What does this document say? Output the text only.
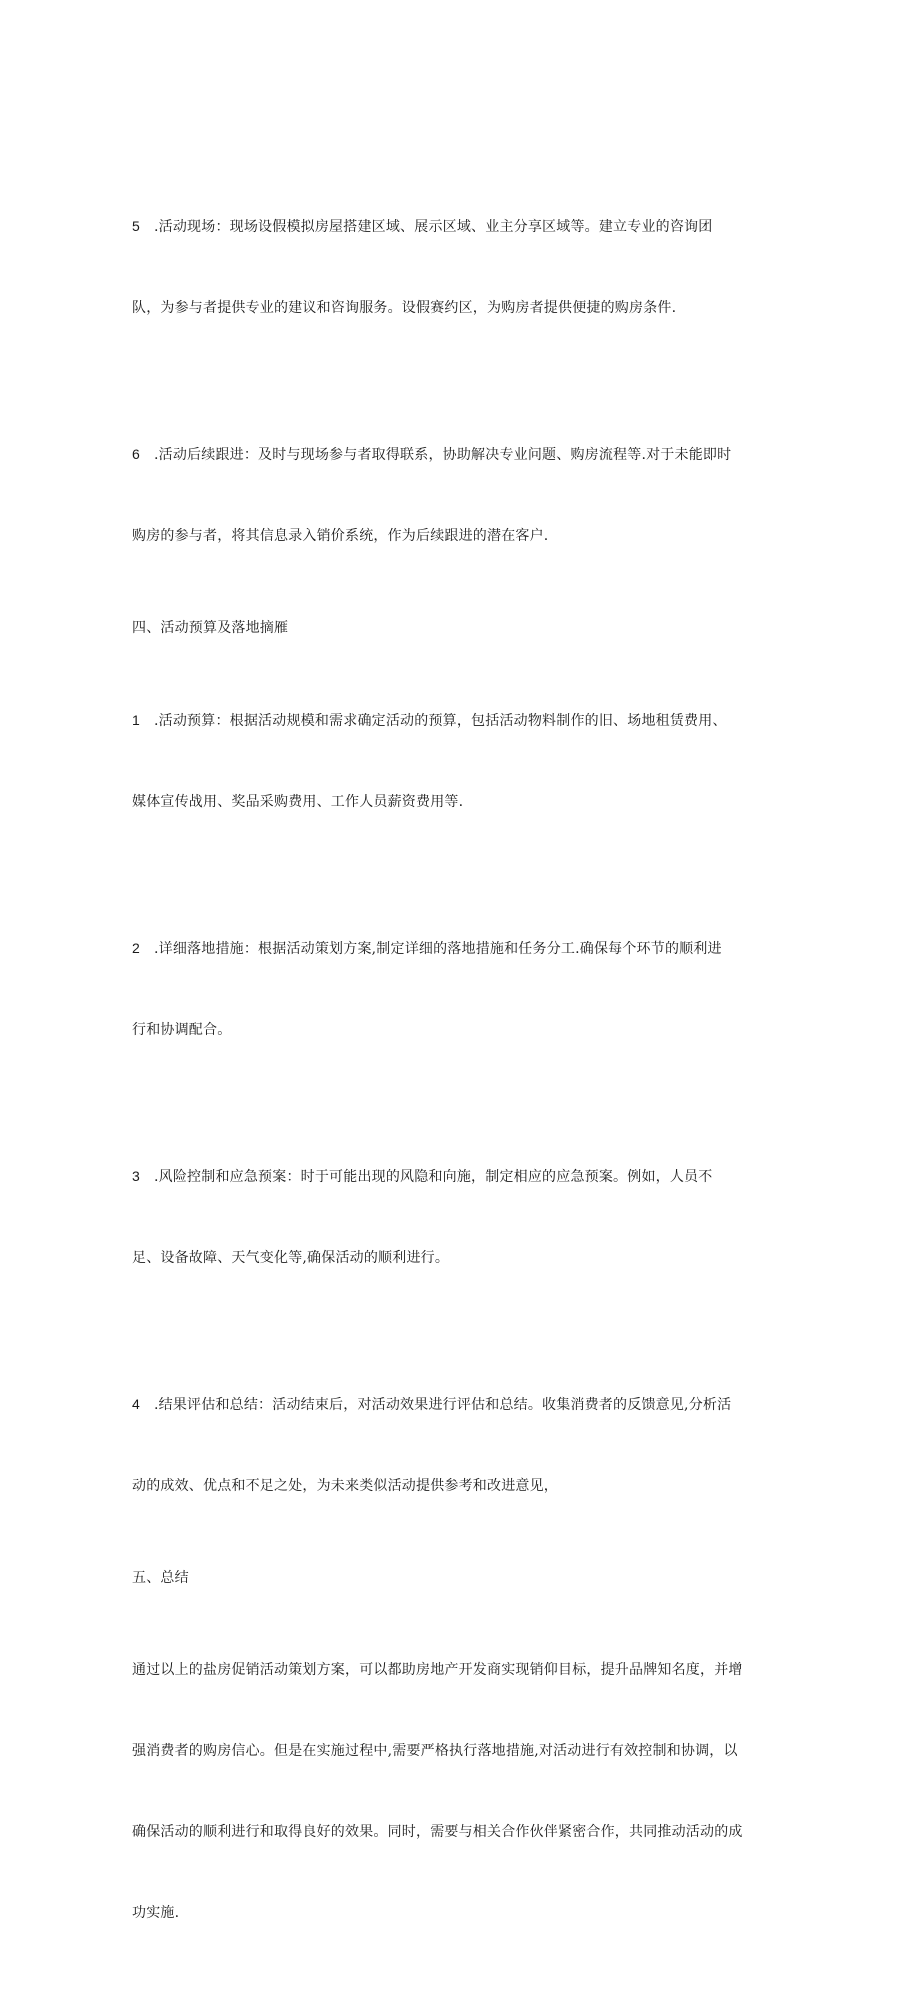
5 .活动现场：现场设假模拟房屋搭建区域、展示区域、业主分享区域等。建立专业的咨询团

队，为参与者提供专业的建议和咨询服务。设假赛约区，为购房者提供便捷的购房条件.

6 .活动后续跟进：及时与现场参与者取得联系，协助解决专业问题、购房流程等.对于未能即时

购房的参与者，将其信息录入销价系统，作为后续跟进的潜在客户.

四、活动预算及落地摘雁

1 .活动预算：根据活动规模和需求确定活动的预算，包括活动物料制作的旧、场地租赁费用、

媒体宣传战用、奖品采购费用、工作人员薪资费用等.

2 .详细落地措施：根据活动策划方案,制定详细的落地措施和任务分工.确保每个环节的顺利进

行和协调配合。

3 .风险控制和应急预案：时于可能出现的风隐和向施，制定相应的应急预案。例如，人员不

足、设备故障、天气变化等,确保活动的顺利进行。

4 .结果评估和总结：活动结束后，对活动效果进行评估和总结。收集消费者的反馈意见,分析活

动的成效、优点和不足之处，为未来类似活动提供参考和改进意见，

五、总结

通过以上的盐房促销活动策划方案，可以都助房地产开发商实现销仰目标，提升品牌知名度，并增

强消费者的购房信心。但是在实施过程中,需要严格执行落地措施,对活动进行有效控制和协调，以

确保活动的顺利进行和取得良好的效果。同时，需要与相关合作伙伴紧密合作，共同推动活动的成

功实施.
